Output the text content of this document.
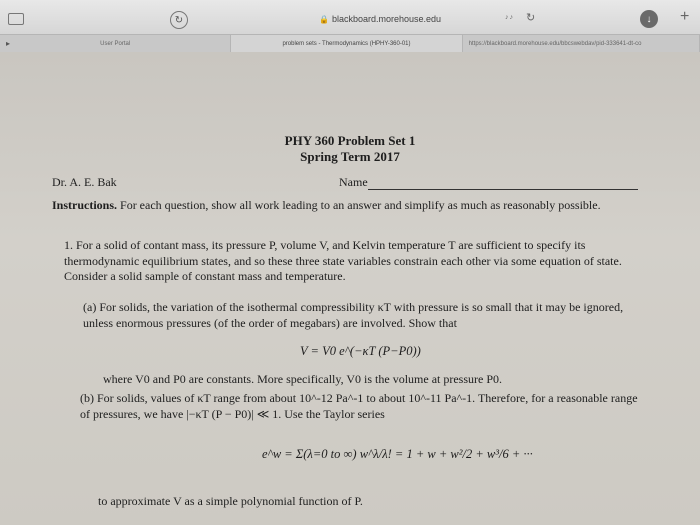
↻	🔒 blackboard.morehouse.edu	♪♪ ↻	↓	+
User Portal	problem sets - Thermodynamics (HPHY-360-01)	https://blackboard.morehouse.edu/bbcswebdav/pid-333641-dt-co
▸
PHY 360 Problem Set 1
Spring Term 2017
Dr. A. E. Bak	Name
Instructions. For each question, show all work leading to an answer and simplify as much as reasonably possible.
1. For a solid of contant mass, its pressure P, volume V, and Kelvin temperature T are sufficient to specify its thermodynamic equilibrium states, and so these three state variables constrain each other via some equation of state. Consider a solid sample of constant mass and temperature.
(a) For solids, the variation of the isothermal compressibility κT with pressure is so small that it may be ignored, unless enormous pressures (of the order of megabars) are involved. Show that
V = V0 e^(−κT (P−P0))
where V0 and P0 are constants. More specifically, V0 is the volume at pressure P0.
(b) For solids, values of κT range from about 10^-12 Pa^-1 to about 10^-11 Pa^-1. Therefore, for a reasonable range of pressures, we have |−κT (P − P0)| ≪ 1. Use the Taylor series
e^w = Σ(λ=0 to ∞) w^λ/λ! = 1 + w + w²/2 + w³/6 + ···
to approximate V as a simple polynomial function of P.
